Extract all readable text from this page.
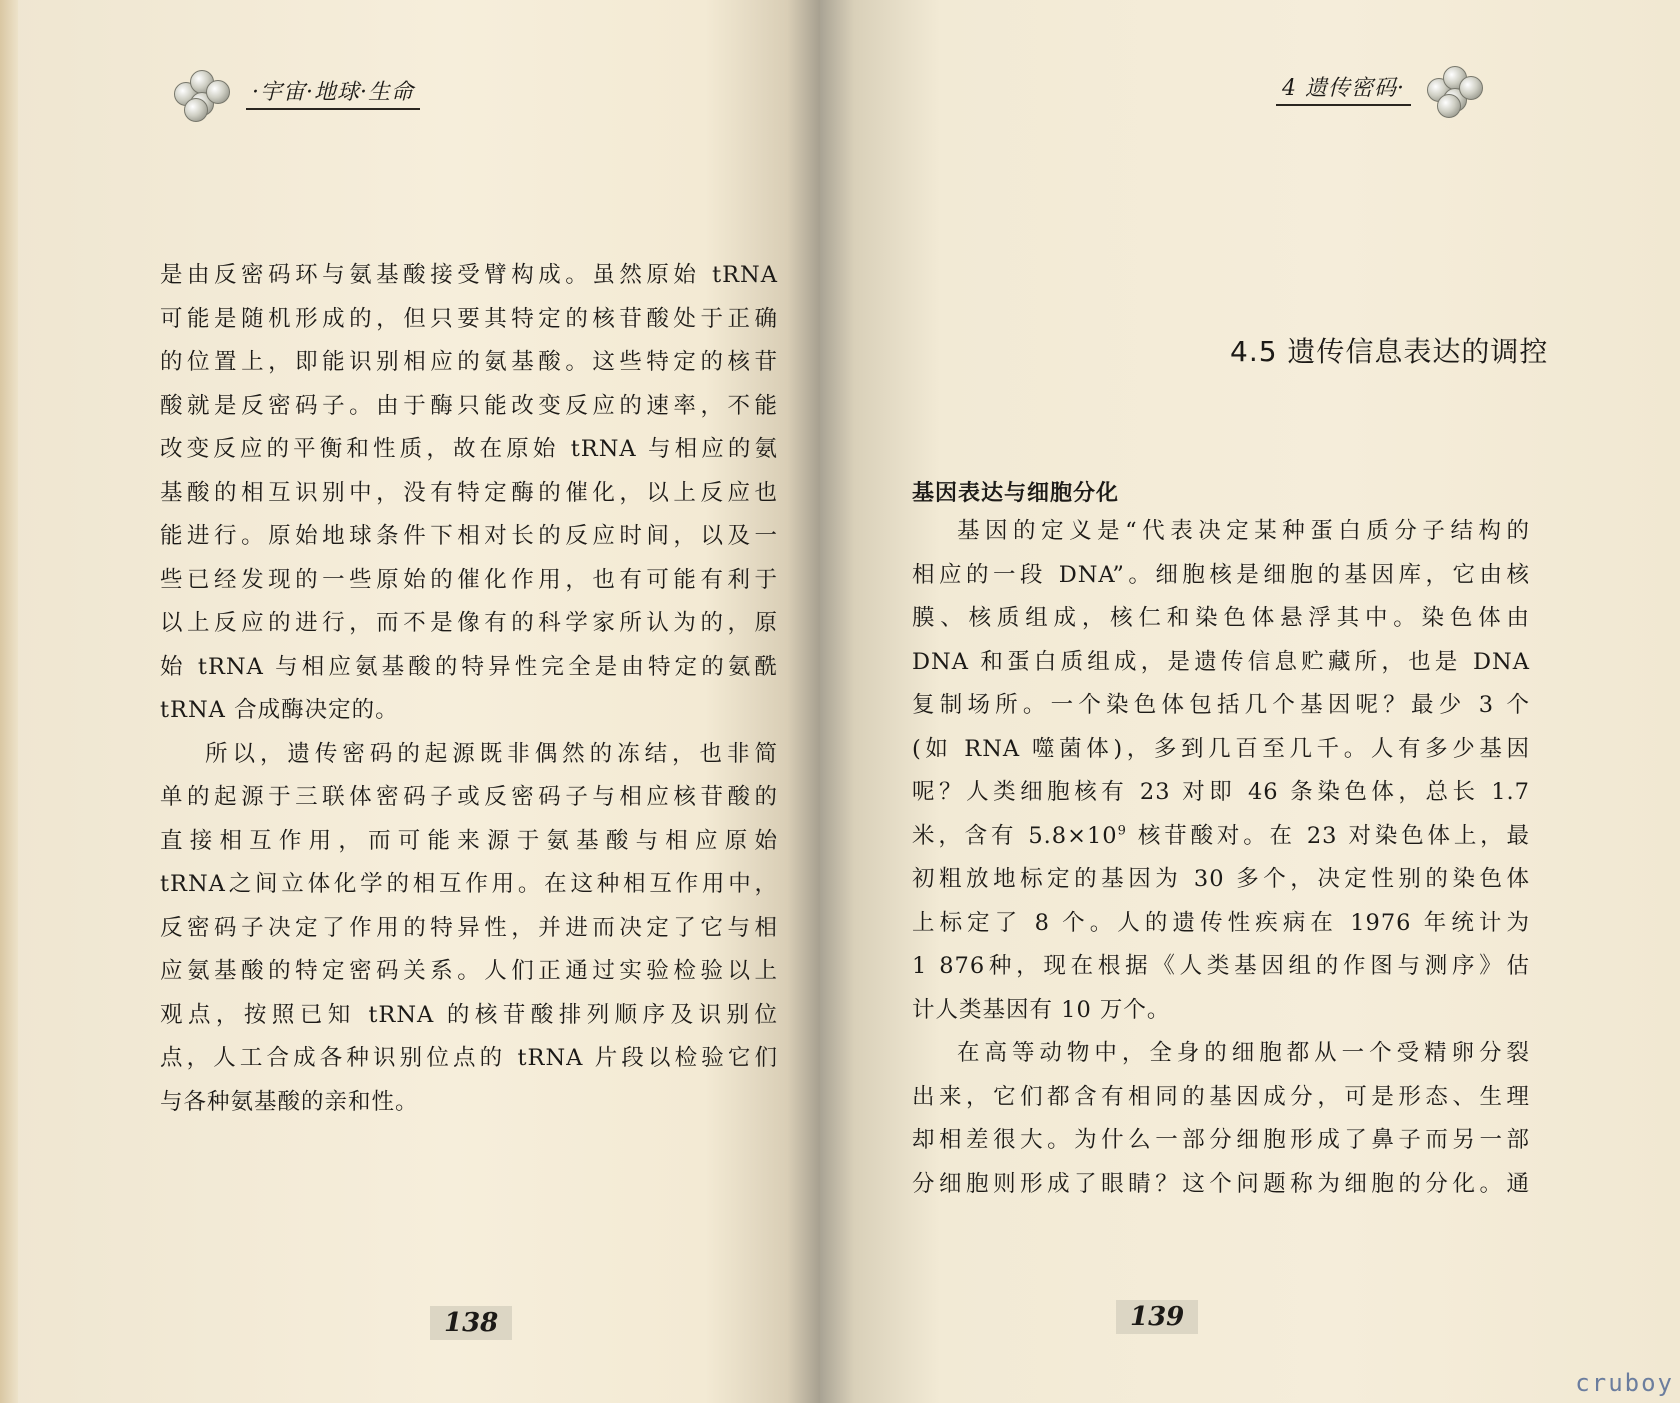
·宇宙·地球·生命

是由反密码环与氨基酸接受臂构成。虽然原始 tRNA

可能是随机形成的，但只要其特定的核苷酸处于正确

的位置上，即能识别相应的氨基酸。这些特定的核苷

酸就是反密码子。由于酶只能改变反应的速率，不能

改变反应的平衡和性质，故在原始 tRNA 与相应的氨

基酸的相互识别中，没有特定酶的催化，以上反应也

能进行。原始地球条件下相对长的反应时间，以及一

些已经发现的一些原始的催化作用，也有可能有利于

以上反应的进行，而不是像有的科学家所认为的，原

始 tRNA 与相应氨基酸的特异性完全是由特定的氨酰

tRNA 合成酶决定的。

所以，遗传密码的起源既非偶然的冻结，也非简

单的起源于三联体密码子或反密码子与相应核苷酸的

直接相互作用，而可能来源于氨基酸与相应原始

tRNA之间立体化学的相互作用。在这种相互作用中，

反密码子决定了作用的特异性，并进而决定了它与相

应氨基酸的特定密码关系。人们正通过实验检验以上

观点，按照已知 tRNA 的核苷酸排列顺序及识别位

点，人工合成各种识别位点的 tRNA 片段以检验它们

与各种氨基酸的亲和性。

138
4 遗传密码·
4.5 遗传信息表达的调控
基因表达与细胞分化

基因的定义是“代表决定某种蛋白质分子结构的

相应的一段 DNA”。细胞核是细胞的基因库，它由核

膜、核质组成，核仁和染色体悬浮其中。染色体由

DNA 和蛋白质组成，是遗传信息贮藏所，也是 DNA

复制场所。一个染色体包括几个基因呢？最少 3 个

(如 RNA 噬菌体)，多到几百至几千。人有多少基因

呢？人类细胞核有 23 对即 46 条染色体，总长 1.7

米，含有 $5.8\times 10^9$ 核苷酸对。在 23 对染色体上，最

初粗放地标定的基因为 30 多个，决定性别的染色体

上标定了 8 个。人的遗传性疾病在 1976 年统计为

1 876种，现在根据《人类基因组的作图与测序》估

计人类基因有 10 万个。

在高等动物中，全身的细胞都从一个受精卵分裂

出来，它们都含有相同的基因成分，可是形态、生理

却相差很大。为什么一部分细胞形成了鼻子而另一部

分细胞则形成了眼睛？这个问题称为细胞的分化。通

139
cruboy
